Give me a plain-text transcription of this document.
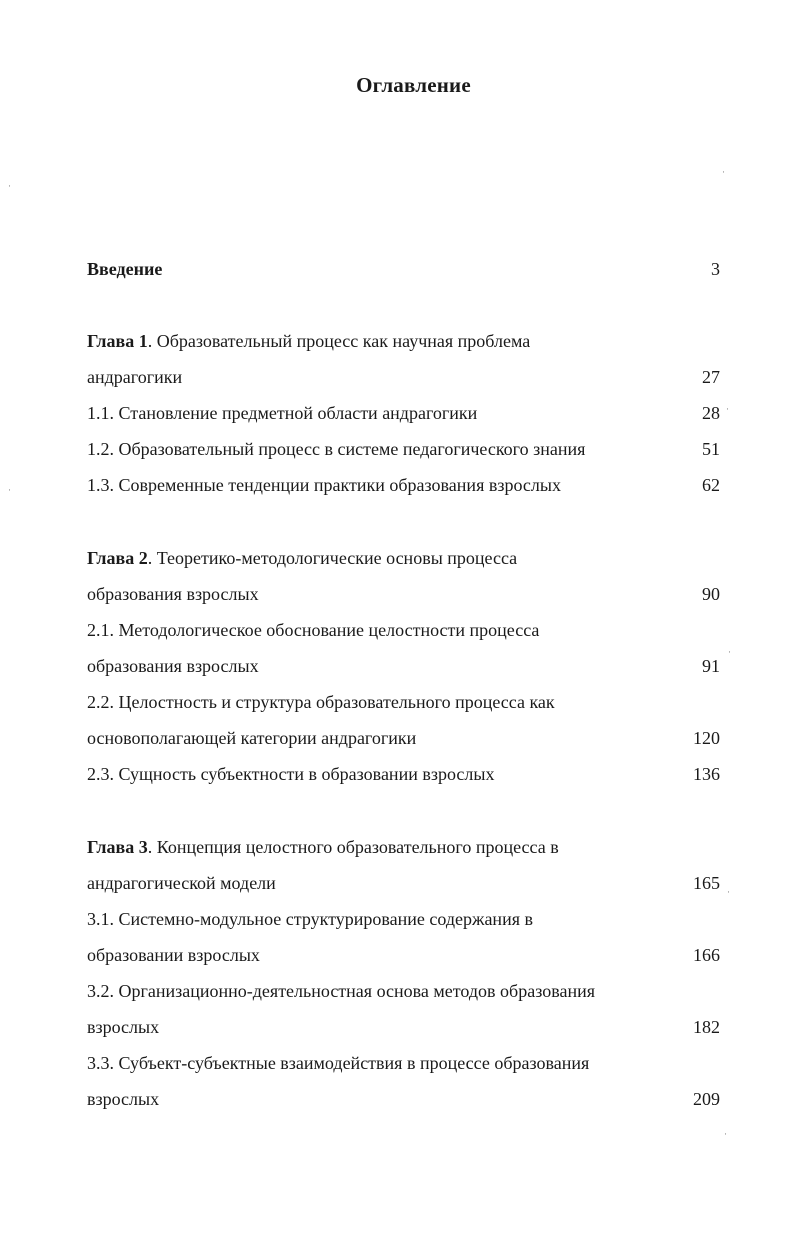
Оглавление
Введение	3
Глава 1. Образовательный процесс как научная проблема
андрагогики	27
1.1. Становление предметной области андрагогики	28
1.2. Образовательный процесс в системе педагогического знания	51
1.3. Современные тенденции практики образования взрослых	62
Глава 2. Теоретико-методологические основы процесса
образования взрослых	90
2.1. Методологическое обоснование целостности процесса
образования взрослых	91
2.2. Целостность и структура образовательного процесса как
основополагающей категории андрагогики	120
2.3. Сущность субъектности в образовании взрослых	136
Глава 3. Концепция целостного образовательного процесса в
андрагогической модели	165
3.1. Системно-модульное структурирование содержания в
образовании взрослых	166
3.2. Организационно-деятельностная основа методов образования
взрослых	182
3.3. Субъект-субъектные взаимодействия в процессе образования
взрослых	209
·
·
·
·
·
·
·
